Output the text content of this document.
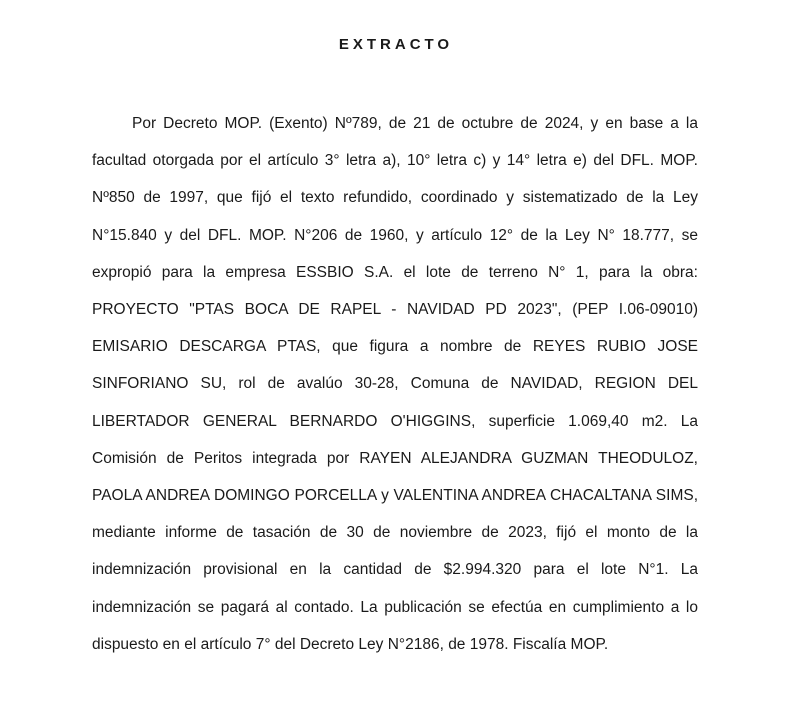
EXTRACTO

Por Decreto MOP. (Exento) Nº789, de 21 de octubre de 2024, y en base a la facultad otorgada por el artículo 3° letra a), 10° letra c) y 14° letra e) del DFL. MOP. Nº850 de 1997, que fijó el texto refundido, coordinado y sistematizado de la Ley N°15.840 y del DFL. MOP. N°206 de 1960, y artículo 12° de la Ley N° 18.777, se expropió para la empresa ESSBIO S.A. el lote de terreno N° 1, para la obra: PROYECTO "PTAS BOCA DE RAPEL - NAVIDAD PD 2023", (PEP I.06-09010) EMISARIO DESCARGA PTAS, que figura a nombre de REYES RUBIO JOSE SINFORIANO SU, rol de avalúo 30-28, Comuna de NAVIDAD, REGION DEL LIBERTADOR GENERAL BERNARDO O'HIGGINS, superficie 1.069,40 m2. La Comisión de Peritos integrada por RAYEN ALEJANDRA GUZMAN THEODULOZ, PAOLA ANDREA DOMINGO PORCELLA y VALENTINA ANDREA CHACALTANA SIMS, mediante informe de tasación de 30 de noviembre de 2023, fijó el monto de la indemnización provisional en la cantidad de $2.994.320 para el lote N°1. La indemnización se pagará al contado. La publicación se efectúa en cumplimiento a lo dispuesto en el artículo 7° del Decreto Ley N°2186, de 1978. Fiscalía MOP.
